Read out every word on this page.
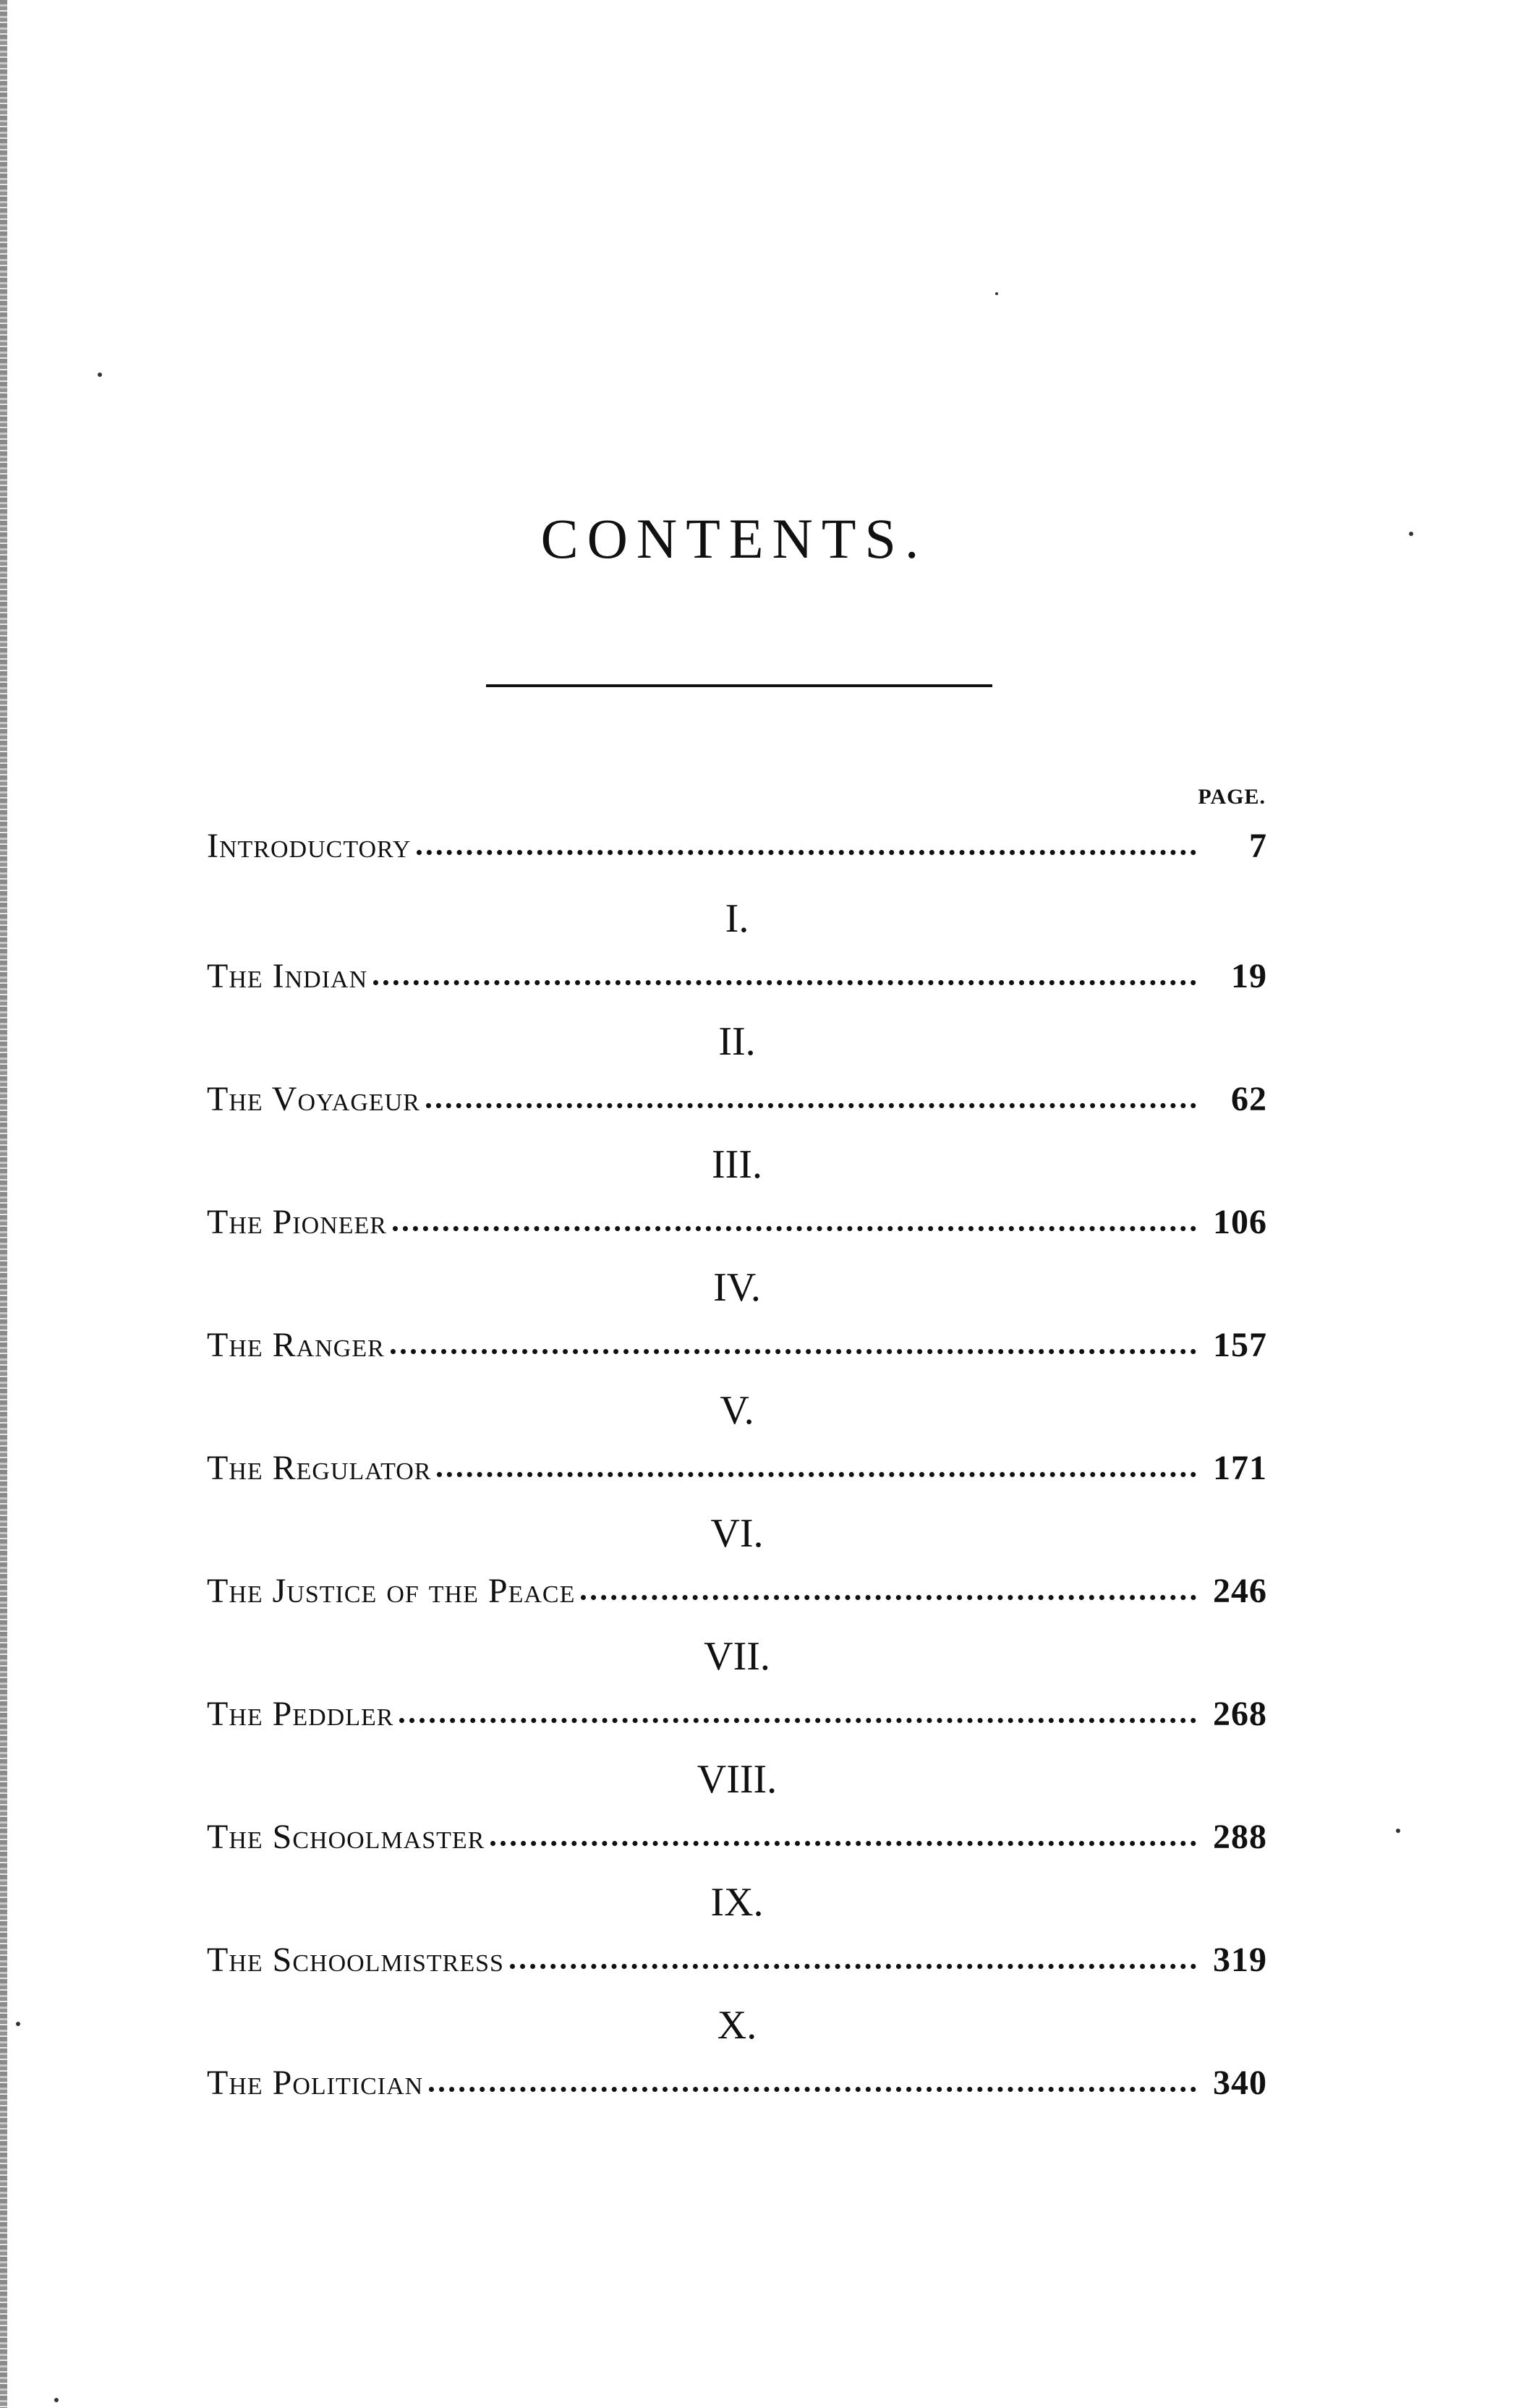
CONTENTS.
PAGE.
Introductory	7
I.
The Indian	19
II.
The Voyageur	62
III.
The Pioneer	106
IV.
The Ranger	157
V.
The Regulator	171
VI.
The Justice of the Peace	246
VII.
The Peddler	268
VIII.
The Schoolmaster	288
IX.
The Schoolmistress	319
X.
The Politician	340
